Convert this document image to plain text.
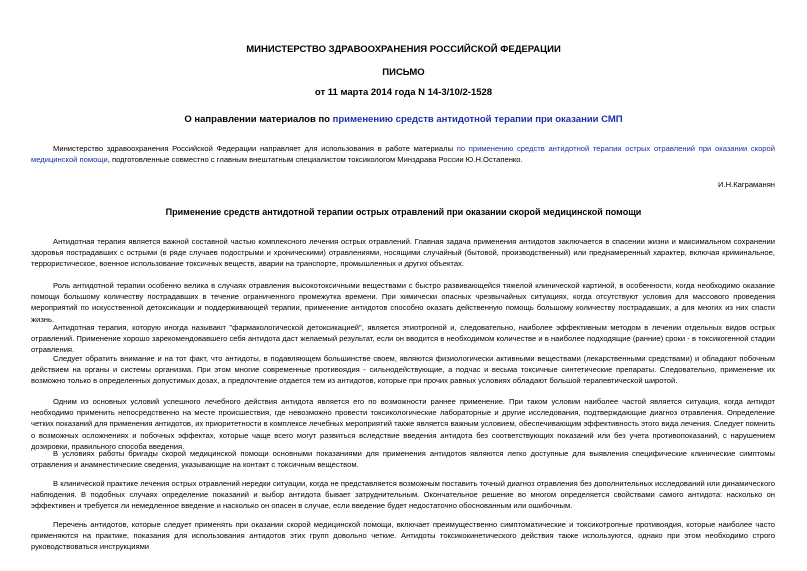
МИНИСТЕРСТВО ЗДРАВООХРАНЕНИЯ РОССИЙСКОЙ ФЕДЕРАЦИИ
ПИСЬМО
от 11 марта 2014 года N 14-3/10/2-1528
О направлении материалов по применению средств антидотной терапии при оказании СМП

Министерство здравоохранения Российской Федерации направляет для использования в работе материалы по применению средств антидотной терапии острых отравлений при оказании скорой медицинской помощи, подготовленные совместно с главным внештатным специалистом токсикологом Минздрава России Ю.Н.Остапенко.

И.Н.Каграманян
Применение средств антидотной терапии острых отравлений при оказании скорой медицинской помощи

Антидотная терапия является важной составной частью комплексного лечения острых отравлений. Главная задача применения антидотов заключается в спасении жизни и максимальном сохранении здоровья пострадавших с острыми (в ряде случаев подострыми и хроническими) отравлениями, носящими случайный (бытовой, производственный) или преднамеренный характер, включая криминальное, террористическое, военное использование токсичных веществ, аварии на транспорте, промышленных и других объектах.

Роль антидотной терапии особенно велика в случаях отравления высокотоксичными веществами с быстро развивающейся тяжелой клинической картиной, в особенности, когда необходимо оказание помощи большому количеству пострадавших в течение ограниченного промежутка времени. При химически опасных чрезвычайных ситуациях, когда отсутствуют условия для массового проведения мероприятий по искусственной детоксикации и поддерживающей терапии, применение антидотов способно оказать действенную помощь большому количеству пострадавших, а для многих из них спасти жизнь.

Антидотная терапия, которую иногда называют "фармакологической детоксикацией", является этиотропной и, следовательно, наиболее эффективным методом в лечении отдельных видов острых отравлений. Применение хорошо зарекомендовавшего себя антидота даст желаемый результат, если он вводится в необходимом количестве и в наиболее подходящие (ранние) сроки - в токсикогенной стадии отравления.

Следует обратить внимание и на тот факт, что антидоты, в подавляющем большинстве своем, являются физиологически активными веществами (лекарственными средствами) и обладают побочным действием на органы и системы организма. При этом многие современные противоядия - сильнодействующие, а подчас и весьма токсичные синтетические препараты. Следовательно, применение их возможно только в определенных допустимых дозах, а предпочтение отдается тем из антидотов, которые при прочих равных условиях обладают большой терапевтической широтой.

Одним из основных условий успешного лечебного действия антидота является его по возможности раннее применение. При таком условии наиболее частой является ситуация, когда антидот необходимо применить непосредственно на месте происшествия, где невозможно провести токсикологические лабораторные и другие исследования, подтверждающие диагноз отравления. Определение четких показаний для применения антидотов, их приоритетности в комплексе лечебных мероприятий также является важным условием, обеспечивающим эффективность этого вида лечения. Следует помнить о возможных осложнениях и побочных эффектах, которые чаще всего могут развиться вследствие введения антидота без соответствующих показаний или без учета противопоказаний, с нарушением дозировки, правильного способа введения.

В условиях работы бригады скорой медицинской помощи основными показаниями для применения антидотов являются легко доступные для выявления специфические клинические симптомы отравления и анамнестические сведения, указывающие на контакт с токсичным веществом.

В клинической практике лечения острых отравлений нередки ситуации, когда не представляется возможным поставить точный диагноз отравления без дополнительных исследований или динамического наблюдения. В подобных случаях определение показаний и выбор антидота бывает затруднительным. Окончательное решение во многом определяется свойствами самого антидота: насколько он эффективен и требуется ли немедленное введение и насколько он опасен в случае, если введение будет недостаточно обоснованным или ошибочным.

Перечень антидотов, которые следует применять при оказании скорой медицинской помощи, включает преимущественно симптоматические и токсикотропные противоядия, которые наиболее часто применяются на практике, показания для использования антидотов этих групп довольно четкие. Антидоты токсикокинетического действия также используются, однако при этом необходимо строго руководствоваться инструкциями
